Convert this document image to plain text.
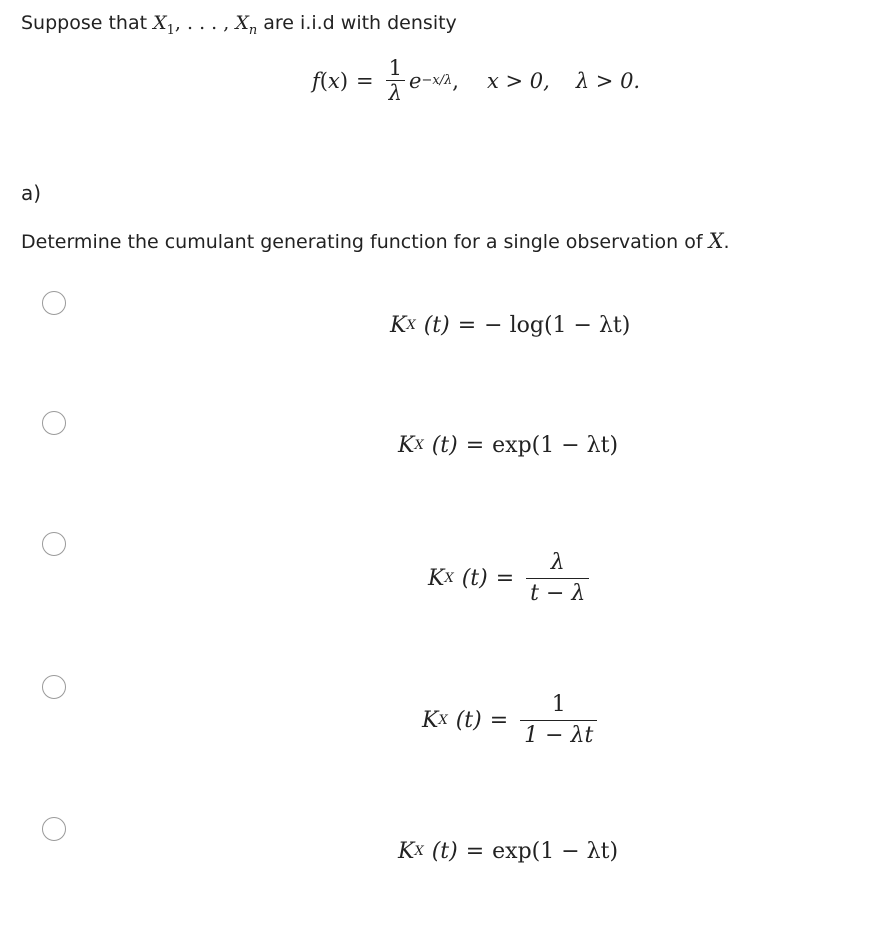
Suppose that $X_1$, . . . , $X_n$ are i.i.d with density
f ( x ) = $\frac{1}{\lambda}$ e −x/λ , x > 0, λ > 0.
a)
Determine the cumulant generating function for a single observation of X.
K X (t) = − log(1 − λt)
K X (t) = exp(1 − λt)
K X $(t) = \frac{\lambda}{t - \lambda}$
K X $(t) = \frac{1}{1 - \lambda t}$
K X (t) = exp(1 − λt)
